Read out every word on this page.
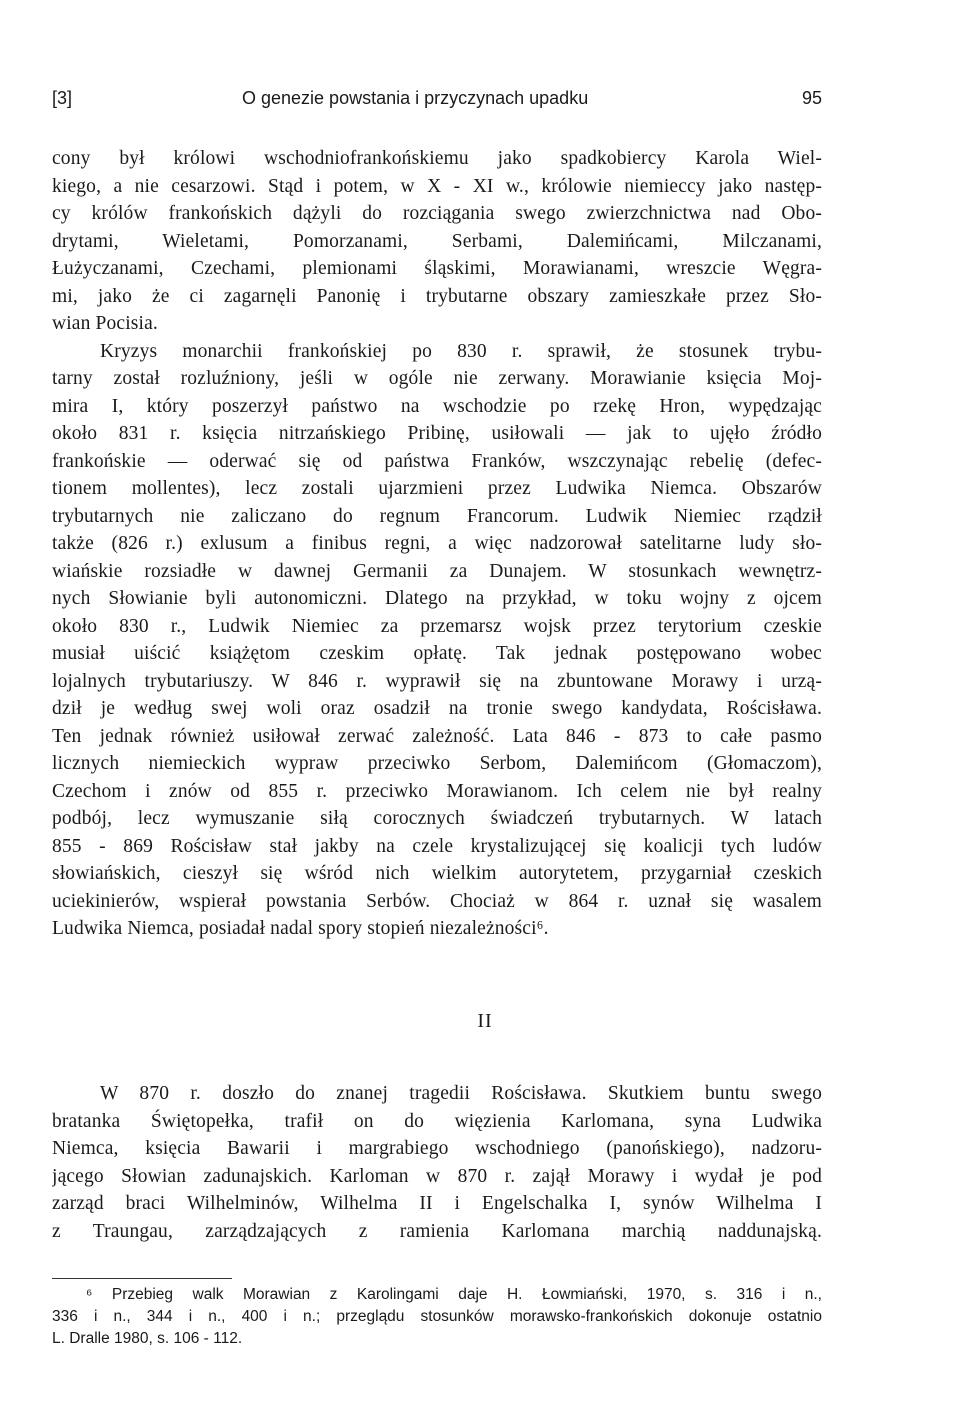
[3]	O genezie powstania i przyczynach upadku	95
cony był królowi wschodniofrankońskiemu jako spadkobiercy Karola Wiel-
kiego, a nie cesarzowi. Stąd i potem, w X - XI w., królowie niemieccy jako następ-
cy królów frankońskich dążyli do rozciągania swego zwierzchnictwa nad Obo-
drytami, Wieletami, Pomorzanami, Serbami, Dalemińcami, Milczanami,
Łużyczanami, Czechami, plemionami śląskimi, Morawianami, wreszcie Węgra-
mi, jako że ci zagarnęli Panonię i trybutarne obszary zamieszkałe przez Sło-
wian Pocisia.
Kryzys monarchii frankońskiej po 830 r. sprawił, że stosunek trybu-
tarny został rozluźniony, jeśli w ogóle nie zerwany. Morawianie księcia Moj-
mira I, który poszerzył państwo na wschodzie po rzekę Hron, wypędzając
około 831 r. księcia nitrzańskiego Pribinę, usiłowali — jak to ujęło źródło
frankońskie — oderwać się od państwa Franków, wszczynając rebelię (defec-
tionem mollentes), lecz zostali ujarzmieni przez Ludwika Niemca. Obszarów
trybutarnych nie zaliczano do regnum Francorum. Ludwik Niemiec rządził
także (826 r.) exlusum a finibus regni, a więc nadzorował satelitarne ludy sło-
wiańskie rozsiadłe w dawnej Germanii za Dunajem. W stosunkach wewnętrz-
nych Słowianie byli autonomiczni. Dlatego na przykład, w toku wojny z ojcem
około 830 r., Ludwik Niemiec za przemarsz wojsk przez terytorium czeskie
musiał uiścić książętom czeskim opłatę. Tak jednak postępowano wobec
lojalnych trybutariuszy. W 846 r. wyprawił się na zbuntowane Morawy i urzą-
dził je według swej woli oraz osadził na tronie swego kandydata, Rościsława.
Ten jednak również usiłował zerwać zależność. Lata 846 - 873 to całe pasmo
licznych niemieckich wypraw przeciwko Serbom, Dalemińcom (Głomaczom),
Czechom i znów od 855 r. przeciwko Morawianom. Ich celem nie był realny
podbój, lecz wymuszanie siłą corocznych świadczeń trybutarnych. W latach
855 - 869 Rościsław stał jakby na czele krystalizującej się koalicji tych ludów
słowiańskich, cieszył się wśród nich wielkim autorytetem, przygarniał czeskich
uciekinierów, wspierał powstania Serbów. Chociaż w 864 r. uznał się wasalem
Ludwika Niemca, posiadał nadal spory stopień niezależności⁶.
II
W 870 r. doszło do znanej tragedii Rościsława. Skutkiem buntu swego
bratanka Świętopełka, trafił on do więzienia Karlomana, syna Ludwika
Niemca, księcia Bawarii i margrabiego wschodniego (panońskiego), nadzoru-
jącego Słowian zadunajskich. Karloman w 870 r. zajął Morawy i wydał je pod
zarząd braci Wilhelminów, Wilhelma II i Engelschalka I, synów Wilhelma I
z Traungau, zarządzających z ramienia Karlomana marchią naddunajską.
⁶ Przebieg walk Morawian z Karolingami daje H. Łowmiański, 1970, s. 316 i n.,
336 i n., 344 i n., 400 i n.; przeglądu stosunków morawsko-frankońskich dokonuje ostatnio
L. Dralle 1980, s. 106 - 112.
